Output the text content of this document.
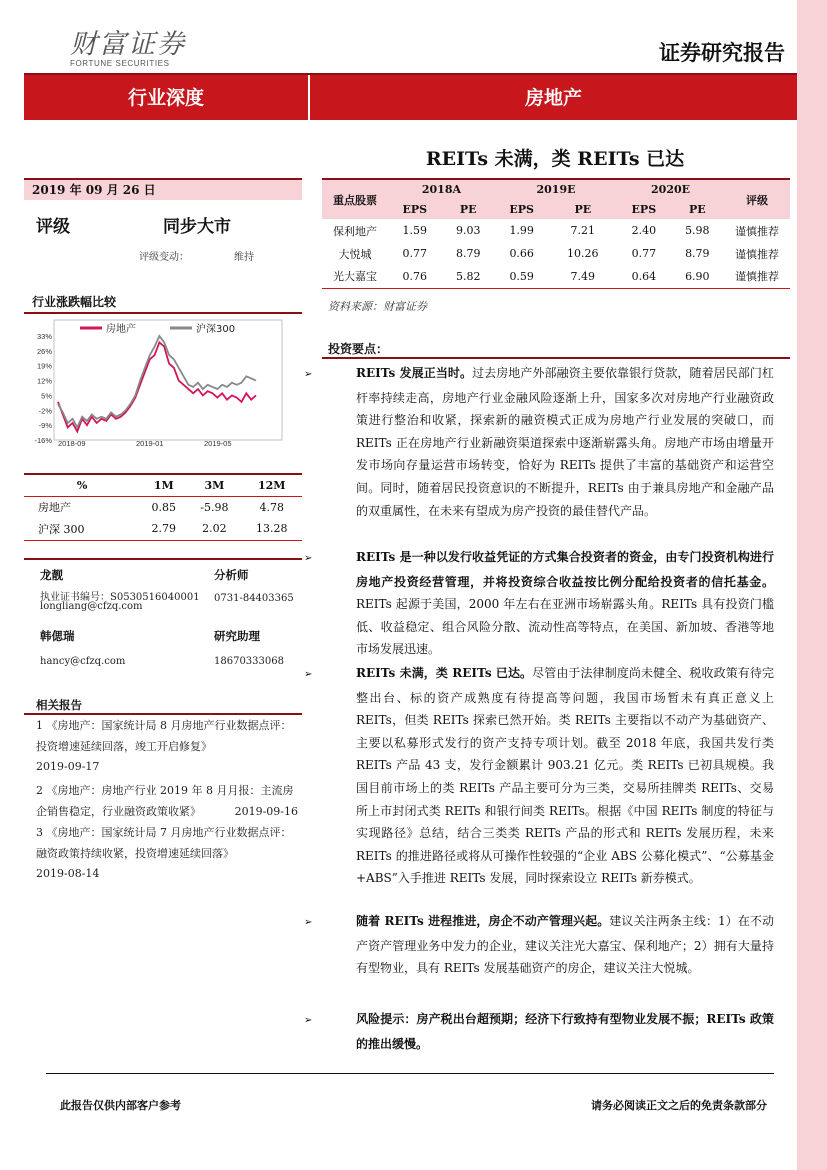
财富证券
FORTUNE SECURITIES	证券研究报告
行业深度	房地产
REITs 未满，类 REITs 已达
2019 年 09 月 26 日
评级	同步大市
评级变动：	维持
行业涨跌幅比较
33%
26%
19%
12%
5%
-2%
-9%
-16% 2018-09	2019-01	2019-05
房地产	沪深300
%	1M	3M	12M
房地产	0.85	-5.98	4.78
沪深 300	2.79	2.02	13.28
龙靓	分析师
执业证书编号：S0530516040001
longliang@cfzq.com
0731-84403365
韩偲瑞	研究助理
hancy@cfzq.com	18670333068
相关报告
1 《房地产：国家统计局 8 月房地产行业数据点评：投资增速延续回落，竣工开启修复》
2019-09-17
2 《房地产：房地产行业 2019 年 8 月月报：主流房企销售稳定，行业融资政策收紧》	2019-09-16
3 《房地产：国家统计局 7 月房地产行业数据点评：融资政策持续收紧，投资增速延续回落》
2019-08-14
重点股票	2018A		2019E		2020E		评级
	EPS	PE	EPS	PE	EPS	PE	
保利地产	1.59	9.03	1.99	7.21	2.40	5.98	谨慎推荐
大悦城	0.77	8.79	0.66	10.26	0.77	8.79	谨慎推荐
光大嘉宝	0.76	5.82	0.59	7.49	0.64	6.90	谨慎推荐
资料来源：财富证券
投资要点：
➢	REITs 发展正当时。过去房地产外部融资主要依靠银行贷款，随着居民部门杠杆率持续走高，房地产行业金融风险逐渐上升，国家多次对房地产行业融资政策进行整治和收紧，探索新的融资模式正成为房地产行业发展的突破口，而 REITs 正在房地产行业新融资渠道探索中逐渐崭露头角。房地产市场由增量开发市场向存量运营市场转变，恰好为 REITs 提供了丰富的基础资产和运营空间。同时，随着居民投资意识的不断提升，REITs 由于兼具房地产和金融产品的双重属性，在未来有望成为房产投资的最佳替代产品。
➢	REITs 是一种以发行收益凭证的方式集合投资者的资金，由专门投资机构进行房地产投资经营管理，并将投资综合收益按比例分配给投资者的信托基金。REITs 起源于美国，2000 年左右在亚洲市场崭露头角。REITs 具有投资门槛低、收益稳定、组合风险分散、流动性高等特点，在美国、新加坡、香港等地市场发展迅速。
➢	REITs 未满，类 REITs 已达。尽管由于法律制度尚未健全、税收政策有待完整出台、标的资产成熟度有待提高等问题，我国市场暂未有真正意义上 REITs，但类 REITs 探索已然开始。类 REITs 主要指以不动产为基础资产、主要以私募形式发行的资产支持专项计划。截至 2018 年底，我国共发行类 REITs 产品 43 支，发行金额累计 903.21 亿元。类 REITs 已初具规模。我国目前市场上的类 REITs 产品主要可分为三类，交易所挂牌类 REITs、交易所上市封闭式类 REITs 和银行间类 REITs。根据《中国 REITs 制度的特征与实现路径》总结，结合三类类 REITs 产品的形式和 REITs 发展历程，未来 REITs 的推进路径或将从可操作性较强的“企业 ABS 公募化模式”、“公募基金+ABS”入手推进 REITs 发展，同时探索设立 REITs 新券模式。
➢	随着 REITs 进程推进，房企不动产管理兴起。建议关注两条主线：1）在不动产资产管理业务中发力的企业，建议关注光大嘉宝、保利地产；2）拥有大量持有型物业，具有 REITs 发展基础资产的房企，建议关注大悦城。
➢	风险提示：房产税出台超预期；经济下行致持有型物业发展不振；REITs 政策的推出缓慢。
此报告仅供内部客户参考	请务必阅读正文之后的免责条款部分
